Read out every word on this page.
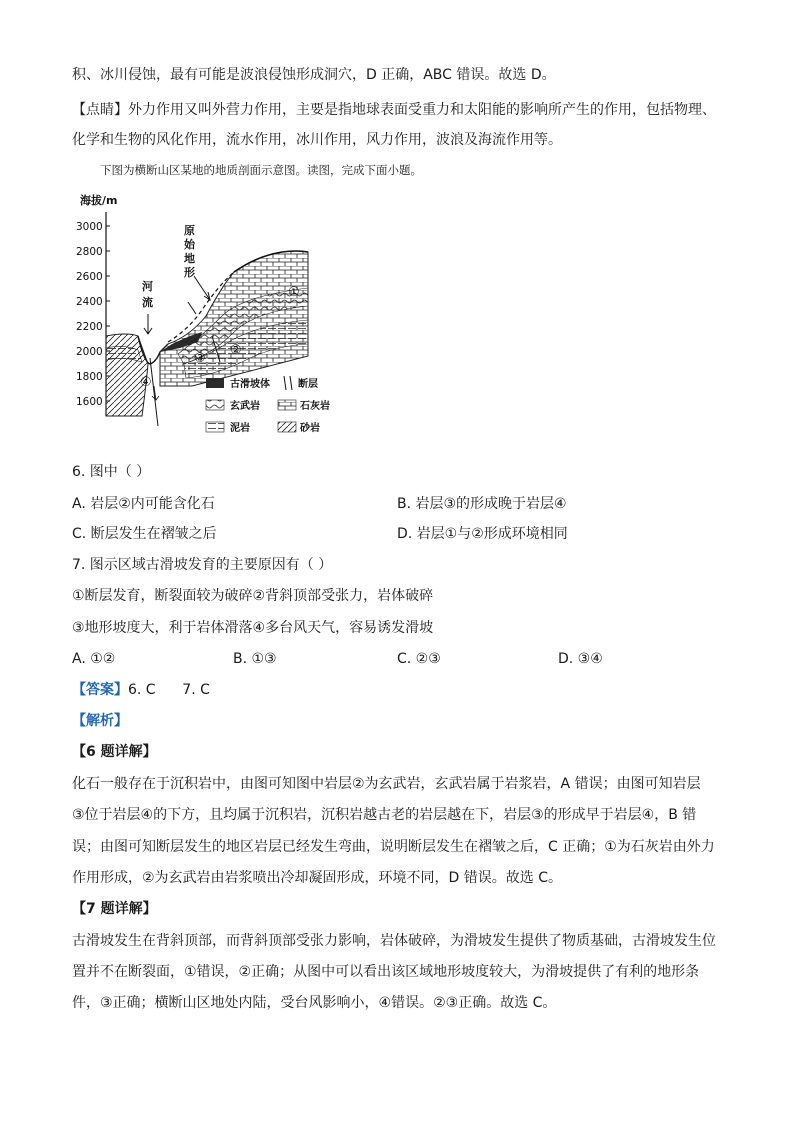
积、冰川侵蚀，最有可能是波浪侵蚀形成洞穴，D 正确，ABC 错误。故选 D。
【点睛】外力作用又叫外营力作用，主要是指地球表面受重力和太阳能的影响所产生的作用，包括物理、
化学和生物的风化作用，流水作用，冰川作用，风力作用，波浪及海流作用等。
下图为横断山区某地的地质剖面示意图。读图，完成下面小题。
海拔/m
3000
2800
2600
2400
2200
2000
1800
1600
河
流
原
始
地
形
①
②
③
④	古滑坡体	断层
玄武岩	石灰岩
泥岩	砂岩
6. 图中（ ）
A. 岩层②内可能含化石	B. 岩层③的形成晚于岩层④
C. 断层发生在褶皱之后	D. 岩层①与②形成环境相同
7. 图示区域古滑坡发育的主要原因有（ ）
①断层发育，断裂面较为破碎②背斜顶部受张力，岩体破碎
③地形坡度大，利于岩体滑落④多台风天气，容易诱发滑坡
A. ①②	B. ①③	C. ②③	D. ③④
【答案】6. C      7. C
【解析】
【6 题详解】
化石一般存在于沉积岩中，由图可知图中岩层②为玄武岩，玄武岩属于岩浆岩，A 错误；由图可知岩层
③位于岩层④的下方，且均属于沉积岩，沉积岩越古老的岩层越在下，岩层③的形成早于岩层④，B 错
误；由图可知断层发生的地区岩层已经发生弯曲，说明断层发生在褶皱之后，C 正确；①为石灰岩由外力
作用形成，②为玄武岩由岩浆喷出冷却凝固形成，环境不同，D 错误。故选 C。
【7 题详解】
古滑坡发生在背斜顶部，而背斜顶部受张力影响，岩体破碎，为滑坡发生提供了物质基础，古滑坡发生位
置并不在断裂面，①错误，②正确；从图中可以看出该区域地形坡度较大，为滑坡提供了有利的地形条
件，③正确；横断山区地处内陆，受台风影响小，④错误。②③正确。故选 C。
